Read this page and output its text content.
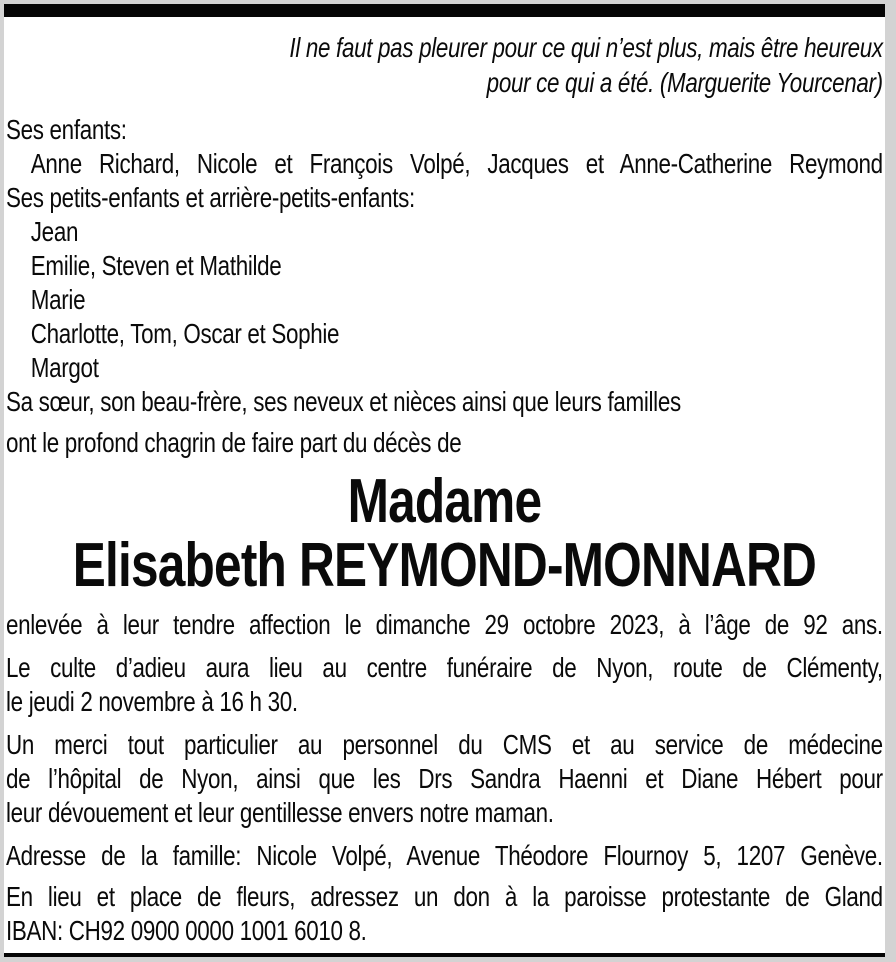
Il ne faut pas pleurer pour ce qui n’est plus, mais être heureux
pour ce qui a été. (Marguerite Yourcenar)
Ses enfants:
Anne Richard, Nicole et François Volpé, Jacques et Anne-Catherine Reymond
Ses petits-enfants et arrière-petits-enfants:
Jean
Emilie, Steven et Mathilde
Marie
Charlotte, Tom, Oscar et Sophie
Margot
Sa sœur, son beau-frère, ses neveux et nièces ainsi que leurs familles
ont le profond chagrin de faire part du décès de
Madame
Elisabeth REYMOND-MONNARD
enlevée à leur tendre affection le dimanche 29 octobre 2023, à l’âge de 92 ans.
Le culte d’adieu aura lieu au centre funéraire de Nyon, route de Clémenty,
le jeudi 2 novembre à 16 h 30.
Un merci tout particulier au personnel du CMS et au service de médecine
de l’hôpital de Nyon, ainsi que les Drs Sandra Haenni et Diane Hébert pour
leur dévouement et leur gentillesse envers notre maman.
Adresse de la famille: Nicole Volpé, Avenue Théodore Flournoy 5, 1207 Genève.
En lieu et place de fleurs, adressez un don à la paroisse protestante de Gland
IBAN: CH92 0900 0000 1001 6010 8.
